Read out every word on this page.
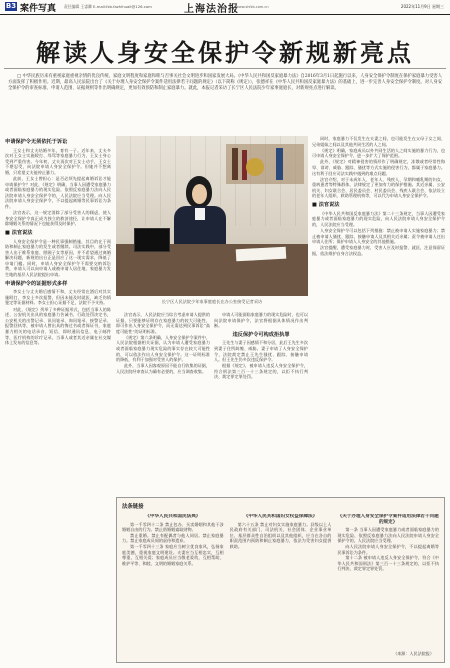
B3 案件写真 责任编辑 王睿卿 E-mail:fzb.fazhihuali@126.com	上海法治报
www.shfzb.com.cn	2022年11月9日 星期三
解读人身安全保护令新规新亮点
□ 中华民族历来有重视家庭重视亲情的优良传统，家庭文明程度和家庭和睦与否事关社会文明进步和国家发展大局。《中华人民共和国反家庭暴力法》自2016年3月1日起施行以来，人身安全保护令制度在保护家庭暴力受害人方面发挥了积极作用。近期，最高人民法院出台了《关于办理人身安全保护令案件适用法律若干问题的规定》（以下简称《规定》），张德祥在《中华人民共和国反家庭暴力法》的基础上，进一步完善人身安全保护令制度。对人身安全保护令的审查标准、申请人范围、证据规则等作出明确规定，更加有效预防和制止家庭暴力。就此，本报记者采访了长宁区人民法院少年家事庭庭长，对新规亮点进行解读。
申请保护令无须依托于诉讼

王女士和丈夫结婚多年，育有一子。近年来，丈夫多次对王女士实施殴打、辱骂等家庭暴力行为，王女士身心受到严重伤害。今年初，丈夫再次对王女士动手，王女士不堪忍受，向法院申请人身安全保护令。但她并不想离婚，只希望丈夫能停止暴力。

此前，王女士曾担心：是否必须先提起离婚诉讼才能申请保护令？对此，《规定》明确，当事人因遭受家庭暴力或者面临家庭暴力的现实危险，依照反家庭暴力法向人民法院申请人身安全保护令的，人民法院应当受理。向人民法院申请人身安全保护令，不以提起离婚等民事诉讼为条件。

法官表示，这一规定消除了部分受害人的顾虑，使人身安全保护令真正成为独立的救济途径，让申请人在不解除婚姻关系的情况下也能获得及时保护。

■ 法官说法

人身安全保护令是一种民事强制措施，其目的在于预防和制止家庭暴力的发生或者继续。司法实践中，部分受害人出于维系家庭、照顾子女等原因，并不希望通过离婚解决问题，新规的出台正是回应了这一现实需求，降低了申请门槛。同时，申请人身安全保护令不需要交纳诉讼费，申请人可以向申请人或被申请人居住地、家庭暴力发生地的基层人民法院提出申请。

申请保护令的证据形式多样

李女士与丈夫婚后感情不和，丈夫经常在酒后对其实施殴打，李女士多次报警，但因未能及时就医，缺乏伤情鉴定等证据材料。李女士担心证据不足，法院不予支持。

对此，《规定》列举了多种证据形式，包括当事人的陈述、公安机关出具的家庭暴力告诫书、行政处罚决定书，公安机关的出警记录、讯问笔录、询问笔录、接警记录、报警回执等，被申请人曾出具的悔过书或者保证书，家庭暴力相关的电话录音、短信、即时通讯信息、电子邮件等，医疗机构的诊疗记录，当事人或者其近亲属在社交媒体上发布的信息等。

长宁区人民法院少年家事庭庭长在办公室接受记者采访

法官表示，人民法院应当综合考虑申请人提供的证据，只要能够证明存在家庭暴力的较大可能性，即可作出人身安全保护令，而无需达到民事诉讼“高度可能性”的证明标准。

《规定》第六条明确，人身安全保护令案件中，人民法院根据相关证据，认为申请人遭受家庭暴力或者面临家庭暴力现实危险的事实存在较大可能性的，可以依法作出人身安全保护令。这一证明标准的降低，有利于加强对受害人的保护。

此外，当事人因客观原因不能自行收集的证据，人民法院经审查认为确有必要的，应当调查收集。

申请人可能面临家庭暴力的现实危险时，也可以向法院申请保护令，法官将根据具体情况作出判断。

违反保护令可构成拒执罪

王先生与妻子因感情不和分居，此后王先生多次到妻子住所纠缠、威胁。妻子申请了人身安全保护令，法院裁定禁止王先生骚扰、跟踪、接触申请人。但王先生仍多次违反保护令。

根据《规定》，被申请人违反人身安全保护令，符合刑法第三百一十三条规定的，以拒不执行判决、裁定罪定罪处罚。

同时，家庭暴力不仅发生在夫妻之间，也可能发生在父母子女之间、兄弟姐妹之间以及其他共同生活的人之间。

《规定》明确，家庭成员以外共同生活的人之间实施的暴力行为，也可申请人身安全保护令，进一步扩大了保护范围。

此外，《规定》对精神侵害的情形作了明确规定，冻饿或者经常性侮辱、诽谤、威胁、跟踪、骚扰等方式实施的侵害行为，都属于家庭暴力。这有利于回应司法实践中遇到的难点问题。

法官介绍，对于未成年人、老年人、残疾人、孕期和哺乳期的妇女、重病患者等特殊群体，法律规定了更加有力的保护措施。其近亲属、公安机关、妇女联合会、居民委员会、村民委员会、残疾人联合会、依法设立的老年人组织、救助管理机构等，可以代为申请人身安全保护令。

■ 法官说法

《中华人民共和国反家庭暴力法》第二十三条规定，当事人因遭受家庭暴力或者面临家庭暴力的现实危险，向人民法院申请人身安全保护令的，人民法院应当受理。

人身安全保护令可以包括下列措施：禁止被申请人实施家庭暴力；禁止被申请人骚扰、跟踪、接触申请人及其相关近亲属；责令被申请人迁出申请人住所；保护申请人人身安全的其他措施。

法官提醒，遭受家庭暴力时，受害人应及时报警、就医，注意保留证据，依法维护自身合法权益。

法条链接
《中华人民共和国民法典》

第一千零四十二条 禁止包办、买卖婚姻和其他干涉婚姻自由的行为。禁止借婚姻索取财物。

禁止重婚。禁止有配偶者与他人同居。禁止家庭暴力。禁止家庭成员间的虐待和遗弃。

第一千零四十三条 家庭应当树立优良家风，弘扬家庭美德，重视家庭文明建设。夫妻应当互相忠实，互相尊重，互相关爱；家庭成员应当敬老爱幼，互相帮助，维护平等、和睦、文明的婚姻家庭关系。

《中华人民共和国妇女权益保障法》

第六十五条 禁止对妇女实施家庭暴力。县级以上人民政府有关部门、司法机关、社会团体、企业事业单位、基层群众性自治组织以及其他组织，应当在各自的职责范围内预防和制止家庭暴力，依法为受害妇女提供救助。

《关于办理人身安全保护令案件适用法律若干问题的规定》

第一条 当事人因遭受家庭暴力或者面临家庭暴力的现实危险，依照反家庭暴力法向人民法院申请人身安全保护令的，人民法院应当受理。

向人民法院申请人身安全保护令，不以提起离婚等民事诉讼为条件。

第十二条 被申请人违反人身安全保护令，符合《中华人民共和国刑法》第三百一十三条规定的，以拒不执行判决、裁定罪定罪处罚。

（来源：人民法院报）
